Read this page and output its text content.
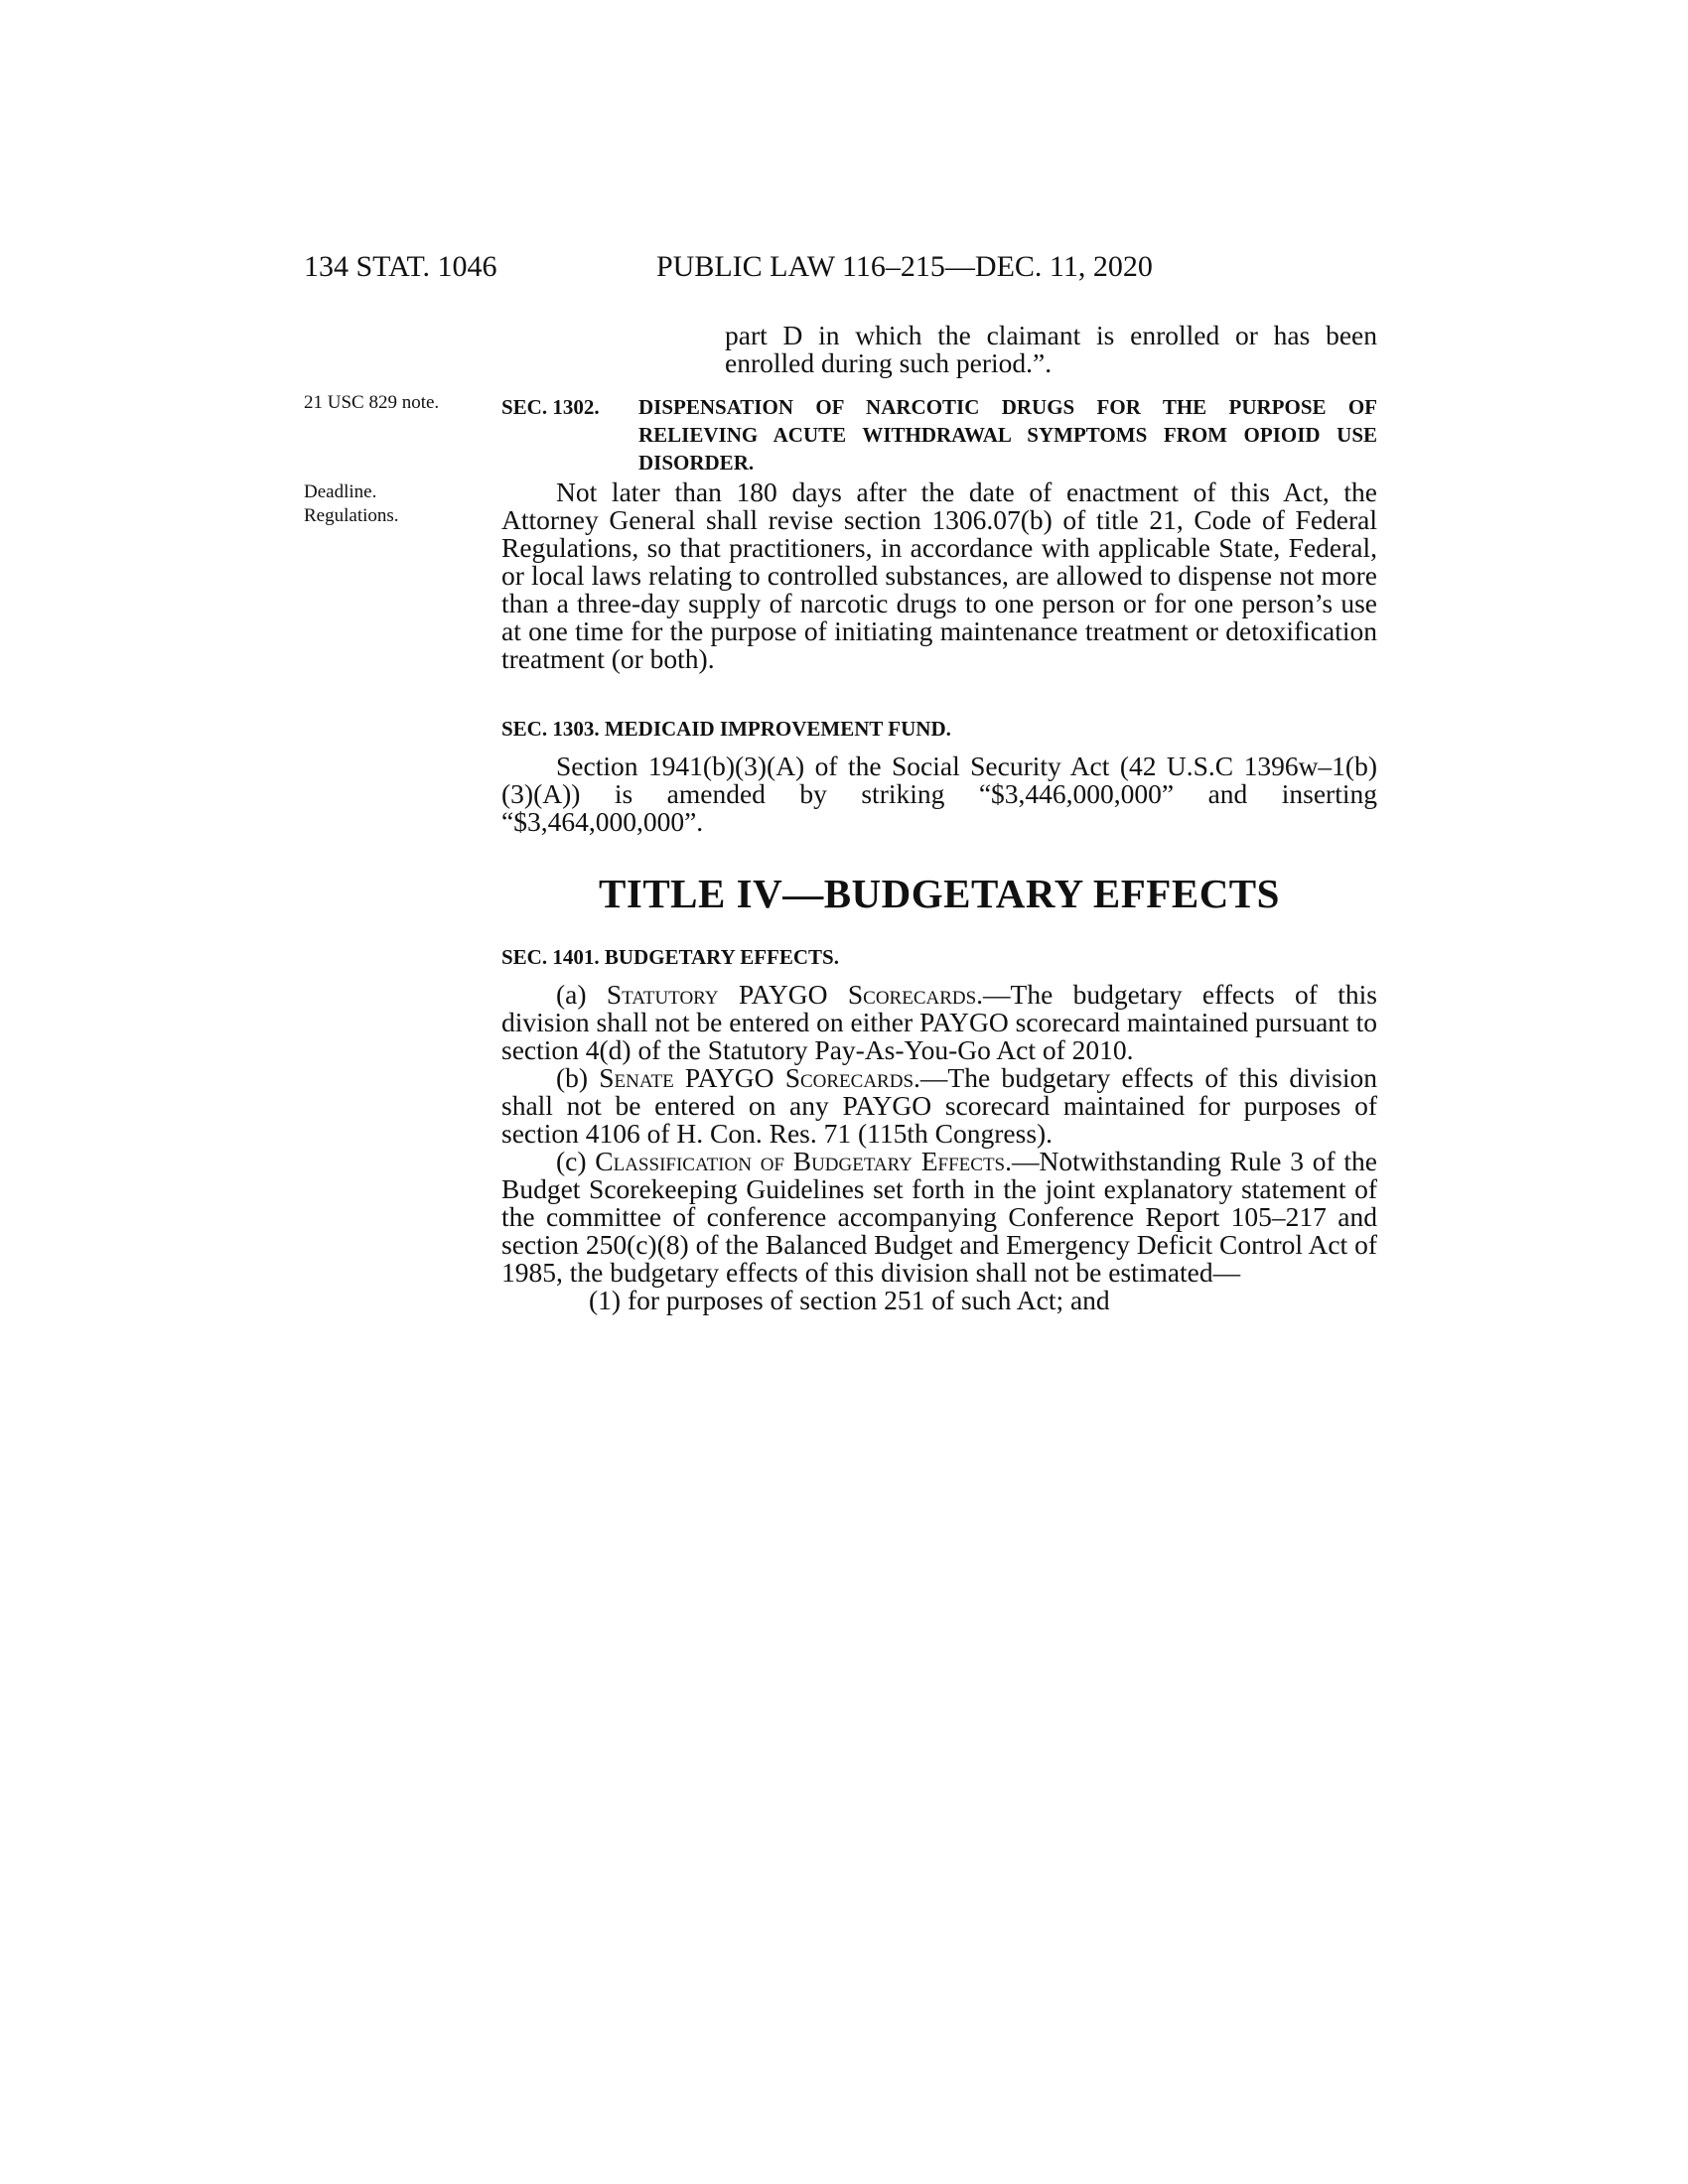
134 STAT. 1046	PUBLIC LAW 116–215—DEC. 11, 2020
part D in which the claimant is enrolled or has been enrolled during such period.”.
21 USC 829 note.	SEC. 1302. DISPENSATION OF NARCOTIC DRUGS FOR THE PURPOSE OF RELIEVING ACUTE WITHDRAWAL SYMPTOMS FROM OPIOID USE DISORDER.
Deadline.
Regulations.

Not later than 180 days after the date of enactment of this Act, the Attorney General shall revise section 1306.07(b) of title 21, Code of Federal Regulations, so that practitioners, in accordance with applicable State, Federal, or local laws relating to controlled substances, are allowed to dispense not more than a three-day supply of narcotic drugs to one person or for one person’s use at one time for the purpose of initiating maintenance treatment or detoxification treatment (or both).

SEC. 1303. MEDICAID IMPROVEMENT FUND.

Section 1941(b)(3)(A) of the Social Security Act (42 U.S.C 1396w–1(b)(3)(A)) is amended by striking “$3,446,000,000” and inserting “$3,464,000,000”.

TITLE IV—BUDGETARY EFFECTS
SEC. 1401. BUDGETARY EFFECTS.

(a) Statutory PAYGO Scorecards.—The budgetary effects of this division shall not be entered on either PAYGO scorecard maintained pursuant to section 4(d) of the Statutory Pay-As-You-Go Act of 2010.

(b) Senate PAYGO Scorecards.—The budgetary effects of this division shall not be entered on any PAYGO scorecard maintained for purposes of section 4106 of H. Con. Res. 71 (115th Congress).

(c) Classification of Budgetary Effects.—Notwithstanding Rule 3 of the Budget Scorekeeping Guidelines set forth in the joint explanatory statement of the committee of conference accompanying Conference Report 105–217 and section 250(c)(8) of the Balanced Budget and Emergency Deficit Control Act of 1985, the budgetary effects of this division shall not be estimated—

(1) for purposes of section 251 of such Act; and
